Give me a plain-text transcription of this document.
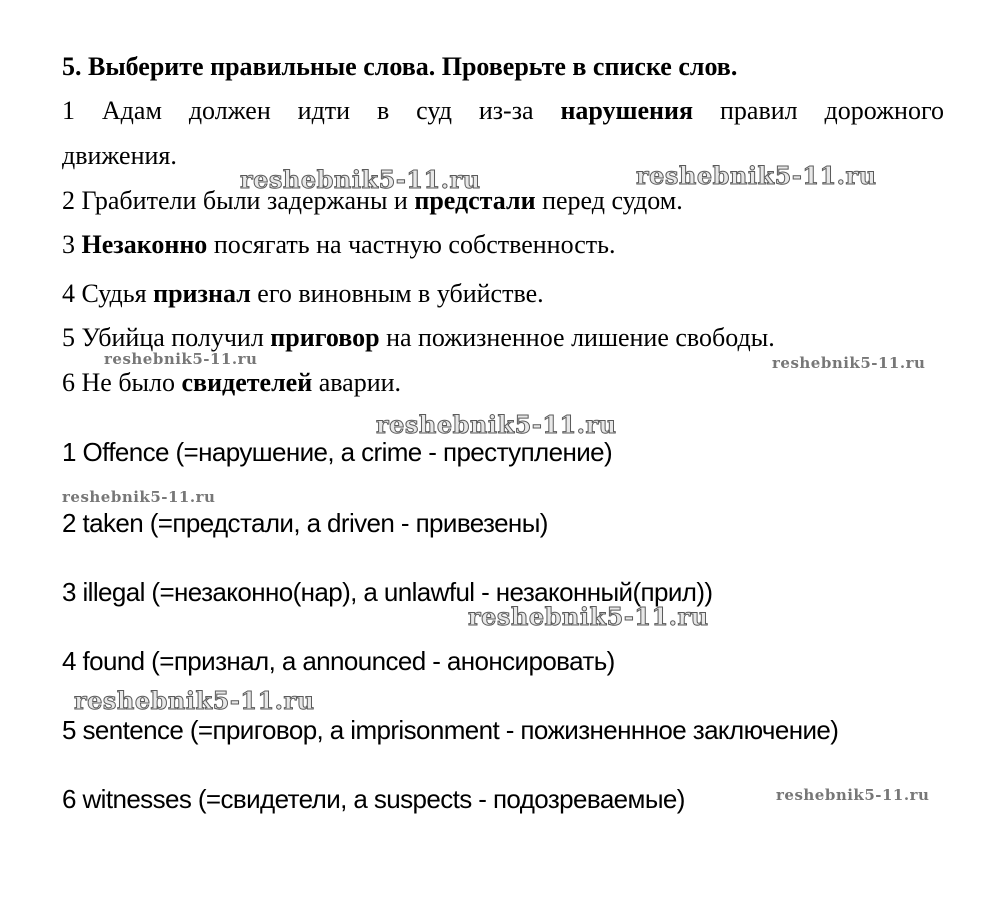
5. Выберите правильные слова. Проверьте в списке слов.
1 Адам должен идти в суд из-за нарушения правил дорожного
движения.
2 Грабители были задержаны и предстали перед судом.
3 Незаконно посягать на частную собственность.
4 Судья признал его виновным в убийстве.
5 Убийца получил приговор на пожизненное лишение свободы.
6 Не было свидетелей аварии.
1 Offence (=нарушение, a crime - преступление)
2 taken (=предстали, a driven - привезены)
3 illegal (=незаконно(нар), a unlawful - незаконный(прил))
4 found (=признал, a announced - анонсировать)
5 sentence (=приговор, a imprisonment - пожизненнное заключение)
6 witnesses (=свидетели, a suspects - подозреваемые)
reshebnik5-11.ru	reshebnik5-11.ru
reshebnik5-11.ru	reshebnik5-11.ru
reshebnik5-11.ru
reshebnik5-11.ru
reshebnik5-11.ru
reshebnik5-11.ru
reshebnik5-11.ru
